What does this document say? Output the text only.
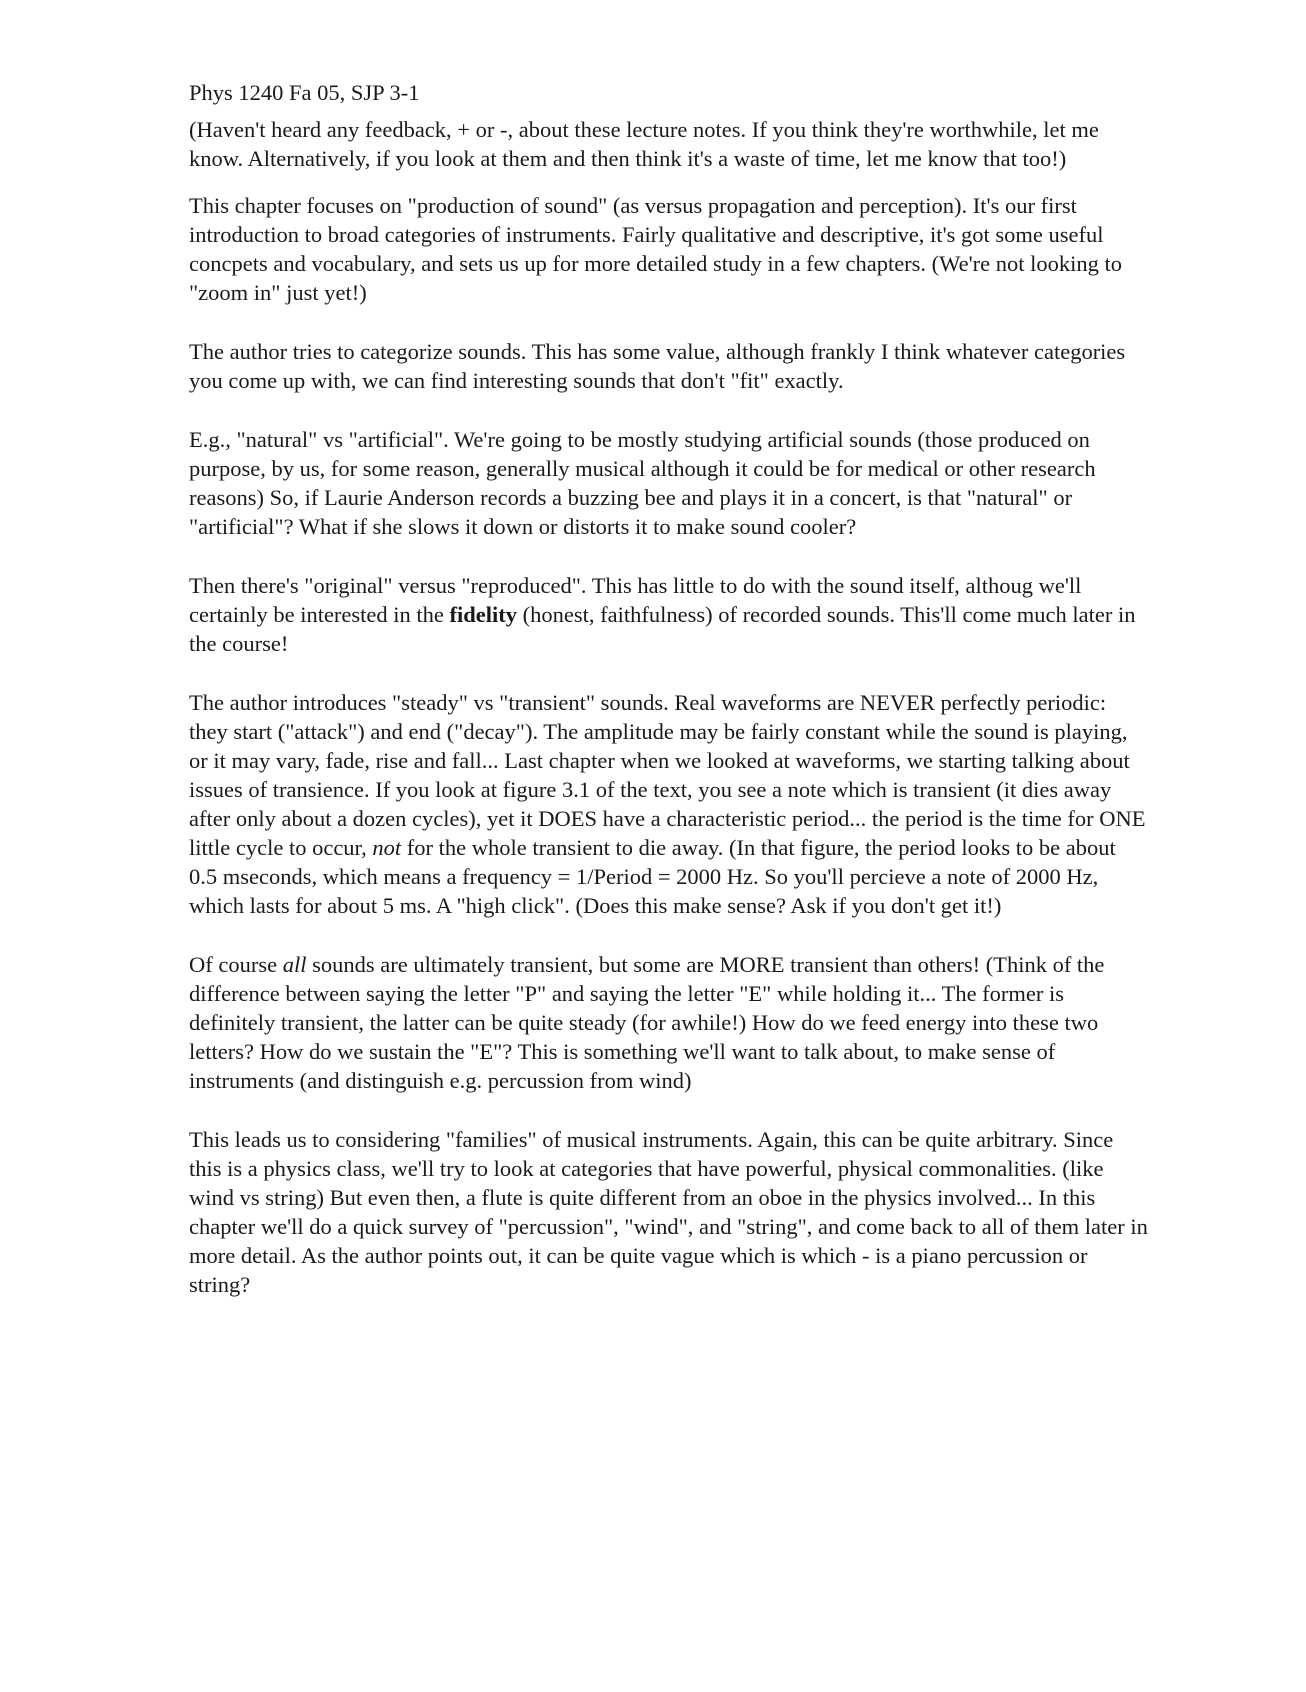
Phys 1240 Fa 05, SJP 3-1

(Haven't heard any feedback, + or -, about these lecture notes. If you think they're worthwhile, let me know. Alternatively, if you look at them and then think it's a waste of time, let me know that too!)

This chapter focuses on "production of sound" (as versus propagation and perception). It's our first introduction to broad categories of instruments. Fairly qualitative and descriptive, it's got some useful concpets and vocabulary, and sets us up for more detailed study in a few chapters. (We're not looking to "zoom in" just yet!)

The author tries to categorize sounds. This has some value, although frankly I think whatever categories you come up with, we can find interesting sounds that don't "fit" exactly.

E.g., "natural" vs "artificial". We're going to be mostly studying artificial sounds (those produced on purpose, by us, for some reason, generally musical although it could be for medical or other research reasons) So, if Laurie Anderson records a buzzing bee and plays it in a concert, is that "natural" or "artificial"? What if she slows it down or distorts it to make sound cooler?

Then there's "original" versus "reproduced". This has little to do with the sound itself, althoug we'll certainly be interested in the fidelity (honest, faithfulness) of recorded sounds. This'll come much later in the course!

The author introduces "steady" vs "transient" sounds. Real waveforms are NEVER perfectly periodic: they start ("attack") and end ("decay"). The amplitude may be fairly constant while the sound is playing, or it may vary, fade, rise and fall... Last chapter when we looked at waveforms, we starting talking about issues of transience. If you look at figure 3.1 of the text, you see a note which is transient (it dies away after only about a dozen cycles), yet it DOES have a characteristic period... the period is the time for ONE little cycle to occur, not for the whole transient to die away. (In that figure, the period looks to be about 0.5 mseconds, which means a frequency = 1/Period = 2000 Hz. So you'll percieve a note of 2000 Hz, which lasts for about 5 ms. A "high click". (Does this make sense? Ask if you don't get it!)

Of course all sounds are ultimately transient, but some are MORE transient than others! (Think of the difference between saying the letter "P" and saying the letter "E" while holding it... The former is definitely transient, the latter can be quite steady (for awhile!) How do we feed energy into these two letters? How do we sustain the "E"? This is something we'll want to talk about, to make sense of instruments (and distinguish e.g. percussion from wind)

This leads us to considering "families" of musical instruments. Again, this can be quite arbitrary. Since this is a physics class, we'll try to look at categories that have powerful, physical commonalities. (like wind vs string) But even then, a flute is quite different from an oboe in the physics involved... In this chapter we'll do a quick survey of "percussion", "wind", and "string", and come back to all of them later in more detail. As the author points out, it can be quite vague which is which - is a piano percussion or string?
